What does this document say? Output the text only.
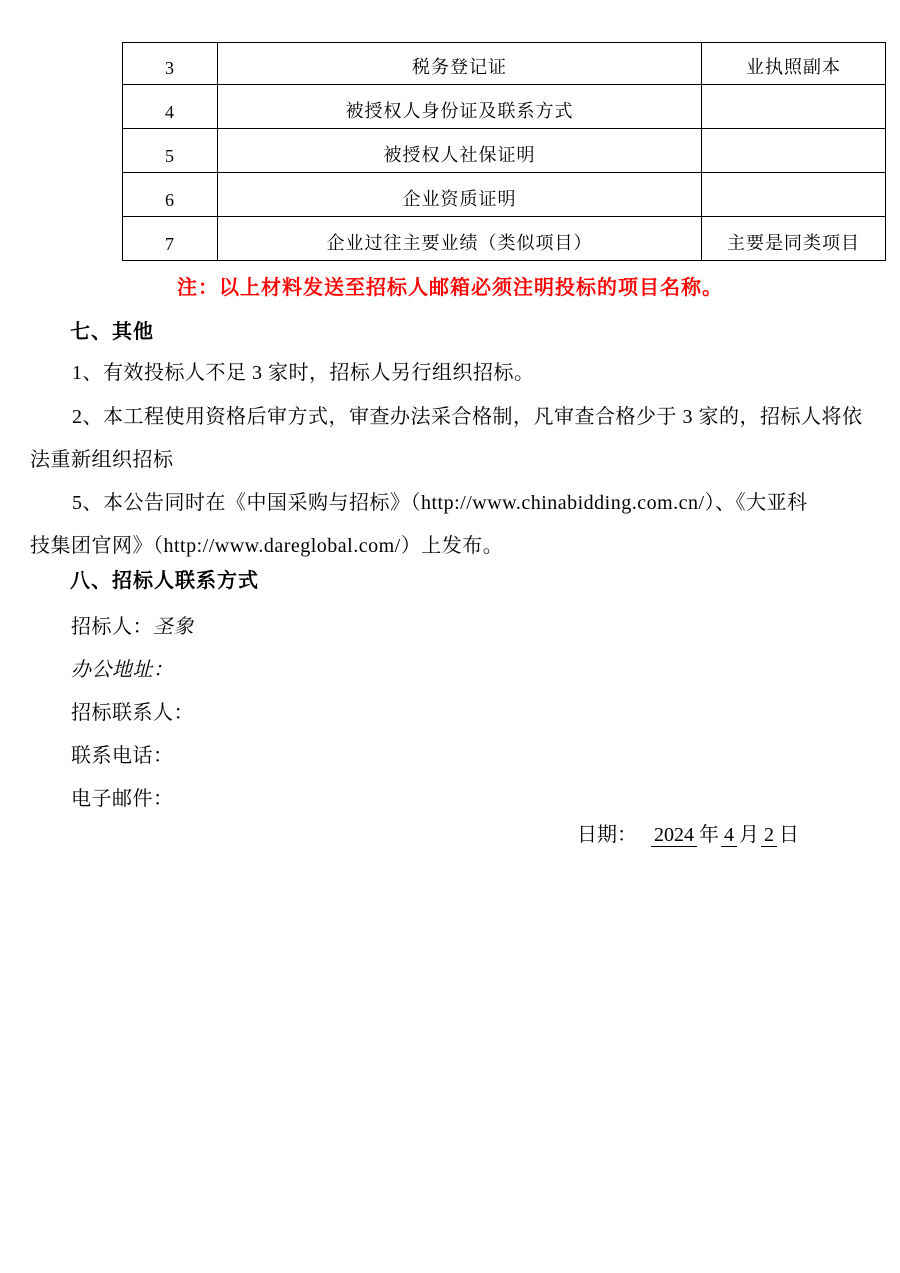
3	税务登记证	业执照副本
4	被授权人身份证及联系方式	
5	被授权人社保证明	
6	企业资质证明	
7	企业过往主要业绩（类似项目）	主要是同类项目
注：以上材料发送至招标人邮箱必须注明投标的项目名称。
七、其他
1、有效投标人不足 3 家时，招标人另行组织招标。
2、本工程使用资格后审方式，审查办法采合格制，凡审查合格少于 3 家的，招标人将依
法重新组织招标
5、本公告同时在《中国采购与招标》（http://www.chinabidding.com.cn/）、《大亚科
技集团官网》（http://www.dareglobal.com/）上发布。
八、招标人联系方式
招标人：圣象
办公地址：
招标联系人：
联系电话：
电子邮件：
日期： 2024 年 4 月 2 日
